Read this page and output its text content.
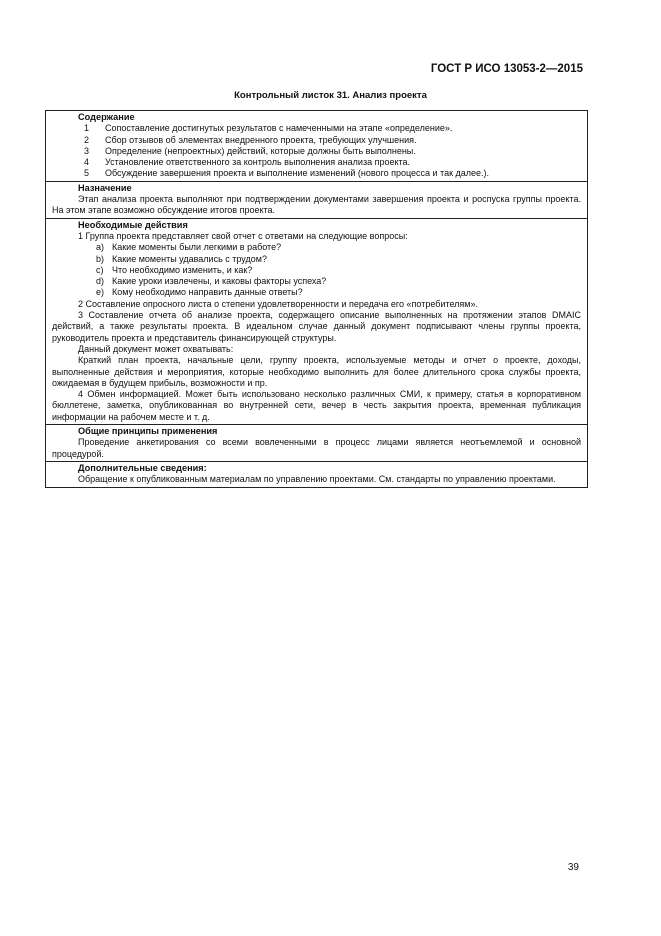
ГОСТ Р ИСО 13053-2—2015
Контрольный листок 31. Анализ проекта
Содержание
1	Сопоставление достигнутых результатов с намеченными на этапе «определение».
2	Сбор отзывов об элементах внедренного проекта, требующих улучшения.
3	Определение (непроектных) действий, которые должны быть выполнены.
4	Установление ответственного за контроль выполнения анализа проекта.
5	Обсуждение завершения проекта и выполнение изменений (нового процесса и так далее.).
Назначение
Этап анализа проекта выполняют при подтверждении документами завершения проекта и роспуска группы проекта. На этом этапе возможно обсуждение итогов проекта.
Необходимые действия
1 Группа проекта представляет свой отчет с ответами на следующие вопросы:
a) Какие моменты были легкими в работе?
b) Какие моменты удавались с трудом?
c) Что необходимо изменить, и как?
d) Какие уроки извлечены, и каковы факторы успеха?
e) Кому необходимо направить данные ответы?
2 Составление опросного листа о степени удовлетворенности и передача его «потребителям».
3 Составление отчета об анализе проекта, содержащего описание выполненных на протяжении этапов DMAIC действий, а также результаты проекта. В идеальном случае данный документ подписывают члены группы проекта, руководитель проекта и представитель финансирующей структуры.
Данный документ может охватывать:
Краткий план проекта, начальные цели, группу проекта, используемые методы и отчет о проекте, доходы, выполненные действия и мероприятия, которые необходимо выполнить для более длительного срока службы проекта, ожидаемая в будущем прибыль, возможности и пр.
4 Обмен информацией. Может быть использовано несколько различных СМИ, к примеру, статья в корпоративном бюллетене, заметка, опубликованная во внутренней сети, вечер в честь закрытия проекта, временная публикация информации на рабочем месте и т. д.
Общие принципы применения
Проведение анкетирования со всеми вовлеченными в процесс лицами является неотъемлемой и основной процедурой.
Дополнительные сведения:
Обращение к опубликованным материалам по управлению проектами. См. стандарты по управлению проектами.
39
